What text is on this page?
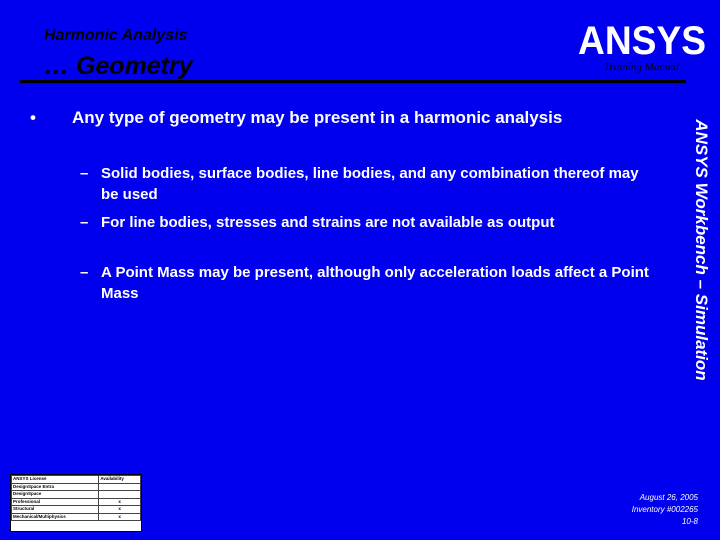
Harmonic Analysis
… Geometry
ANSYS
Training Manual
•	Any type of geometry may be present in a harmonic analysis
– Solid bodies, surface bodies, line bodies, and any combination thereof may be used
– For line bodies, stresses and strains are not available as output
– A Point Mass may be present, although only acceleration loads affect a Point Mass	ANSYS Workbench – Simulation
ANSYS License	Availability
DesignSpace Entra	
DesignSpace	
Professional	x
Structural	x
Mechanical/Multiphysics	x
August 26, 2005
Inventory #002265
10-8
